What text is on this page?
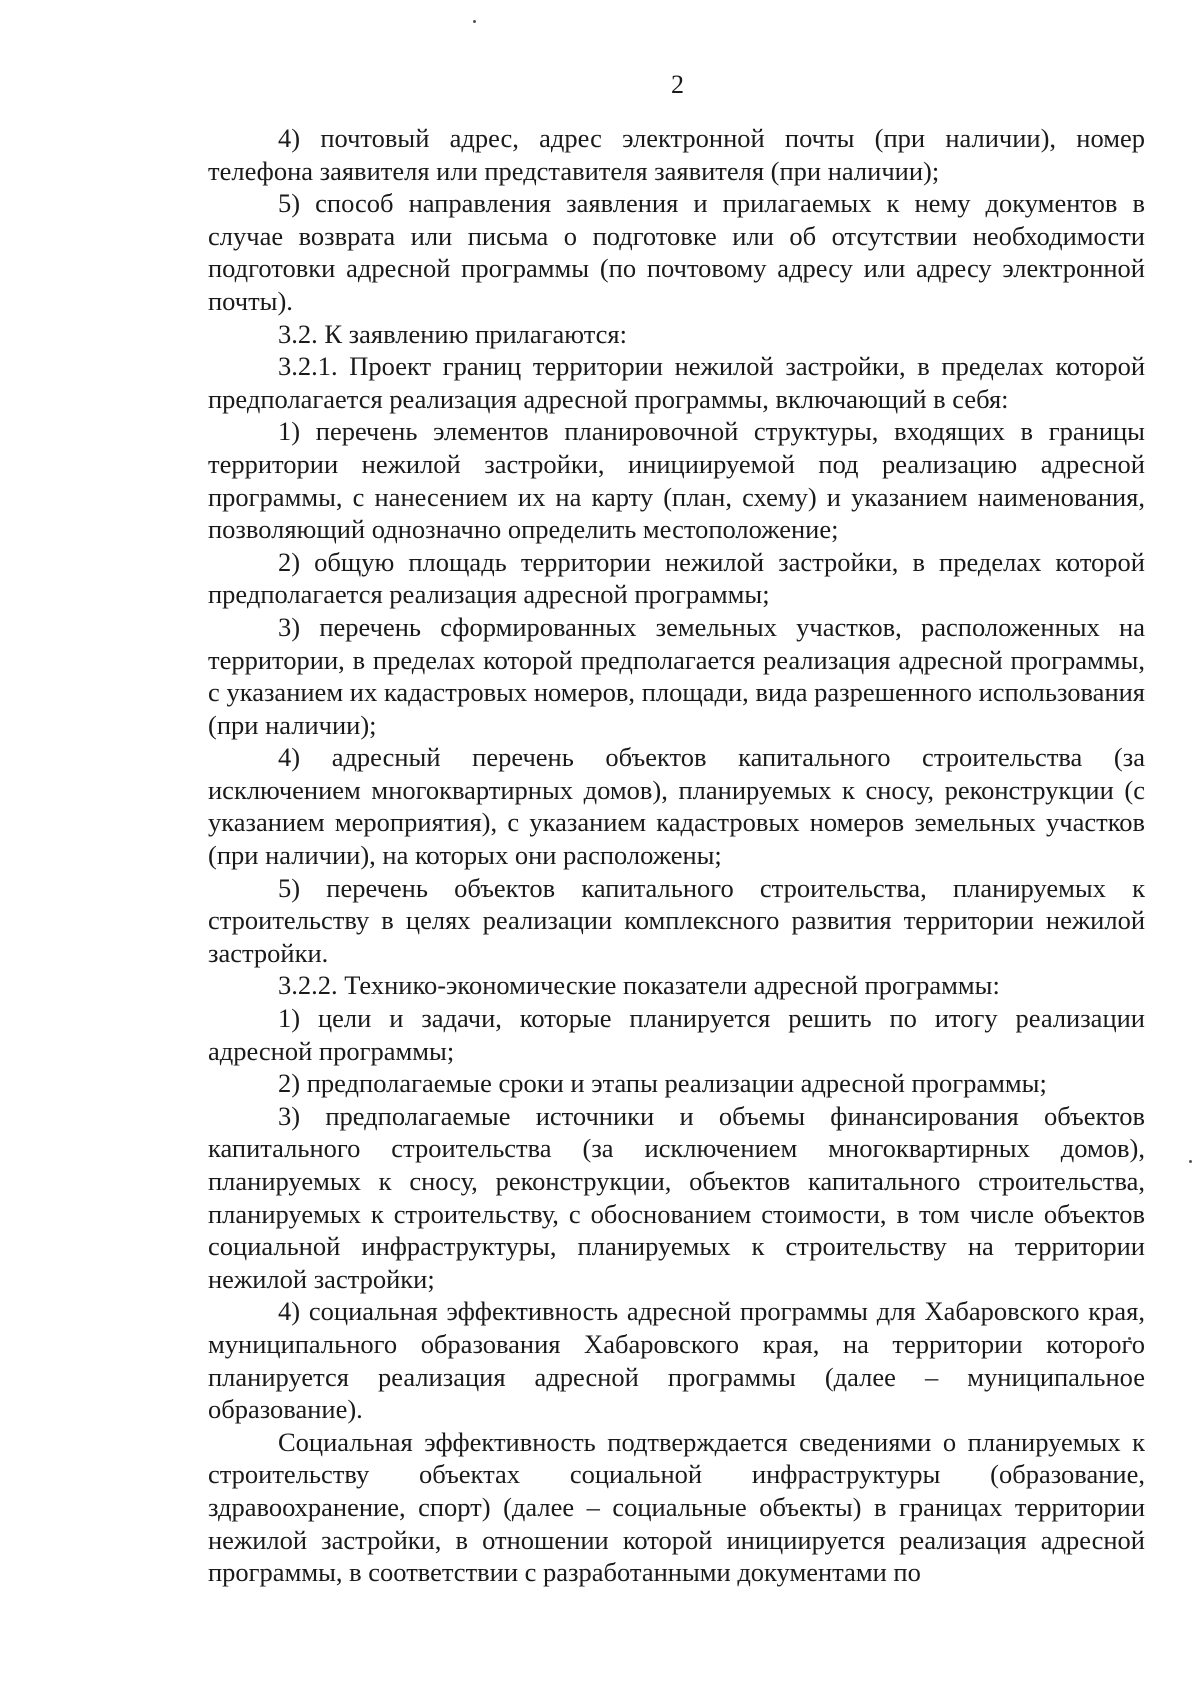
2

4) почтовый адрес, адрес электронной почты (при наличии), номер телефона заявителя или представителя заявителя (при наличии);

5) способ направления заявления и прилагаемых к нему документов в случае возврата или письма о подготовке или об отсутствии необходимости подготовки адресной программы (по почтовому адресу или адресу электронной почты).

3.2. К заявлению прилагаются:

3.2.1. Проект границ территории нежилой застройки, в пределах которой предполагается реализация адресной программы, включающий в себя:

1) перечень элементов планировочной структуры, входящих в границы территории нежилой застройки, инициируемой под реализацию адресной программы, с нанесением их на карту (план, схему) и указанием наименования, позволяющий однозначно определить местоположение;

2) общую площадь территории нежилой застройки, в пределах которой предполагается реализация адресной программы;

3) перечень сформированных земельных участков, расположенных на территории, в пределах которой предполагается реализация адресной программы, с указанием их кадастровых номеров, площади, вида разрешенного использования (при наличии);

4) адресный перечень объектов капитального строительства (за исключением многоквартирных домов), планируемых к сносу, реконструкции (с указанием мероприятия), с указанием кадастровых номеров земельных участков (при наличии), на которых они расположены;

5) перечень объектов капитального строительства, планируемых к строительству в целях реализации комплексного развития территории нежилой застройки.

3.2.2. Технико-экономические показатели адресной программы:

1) цели и задачи, которые планируется решить по итогу реализации адресной программы;

2) предполагаемые сроки и этапы реализации адресной программы;

3) предполагаемые источники и объемы финансирования объектов капитального строительства (за исключением многоквартирных домов), планируемых к сносу, реконструкции, объектов капитального строительства, планируемых к строительству, с обоснованием стоимости, в том числе объектов социальной инфраструктуры, планируемых к строительству на территории нежилой застройки;

4) социальная эффективность адресной программы для Хабаровского края, муниципального образования Хабаровского края, на территории которого планируется реализация адресной программы (далее – муниципальное образование).

Социальная эффективность подтверждается сведениями о планируемых к строительству объектах социальной инфраструктуры (образование, здравоохранение, спорт) (далее – социальные объекты) в границах территории нежилой застройки, в отношении которой инициируется реализация адресной программы, в соответствии с разработанными документами по
